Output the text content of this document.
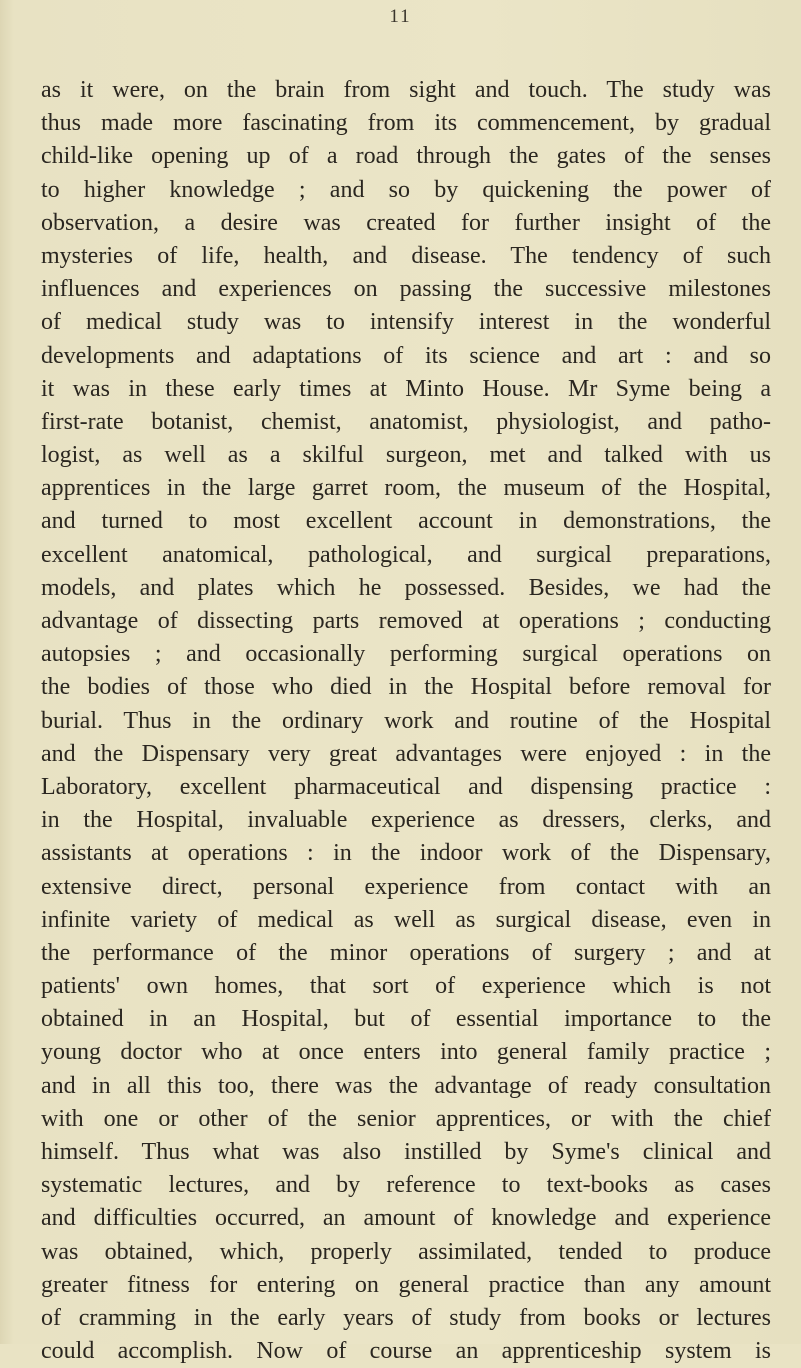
11
as it were, on the brain from sight and touch. The study was
thus made more fascinating from its commencement, by gradual
child-like opening up of a road through the gates of the senses
to higher knowledge ; and so by quickening the power of
observation, a desire was created for further insight of the
mysteries of life, health, and disease. The tendency of such
influences and experiences on passing the successive milestones
of medical study was to intensify interest in the wonderful
developments and adaptations of its science and art : and so
it was in these early times at Minto House. Mr Syme being a
first-rate botanist, chemist, anatomist, physiologist, and patho-
logist, as well as a skilful surgeon, met and talked with us
apprentices in the large garret room, the museum of the Hospital,
and turned to most excellent account in demonstrations, the
excellent anatomical, pathological, and surgical preparations,
models, and plates which he possessed. Besides, we had the
advantage of dissecting parts removed at operations ; conducting
autopsies ; and occasionally performing surgical operations on
the bodies of those who died in the Hospital before removal for
burial. Thus in the ordinary work and routine of the Hospital
and the Dispensary very great advantages were enjoyed : in the
Laboratory, excellent pharmaceutical and dispensing practice :
in the Hospital, invaluable experience as dressers, clerks, and
assistants at operations : in the indoor work of the Dispensary,
extensive direct, personal experience from contact with an
infinite variety of medical as well as surgical disease, even in
the performance of the minor operations of surgery ; and at
patients' own homes, that sort of experience which is not
obtained in an Hospital, but of essential importance to the
young doctor who at once enters into general family practice ;
and in all this too, there was the advantage of ready consultation
with one or other of the senior apprentices, or with the chief
himself. Thus what was also instilled by Syme's clinical and
systematic lectures, and by reference to text-books as cases
and difficulties occurred, an amount of knowledge and experience
was obtained, which, properly assimilated, tended to produce
greater fitness for entering on general practice than any amount
of cramming in the early years of study from books or lectures
could accomplish. Now of course an apprenticeship system is
